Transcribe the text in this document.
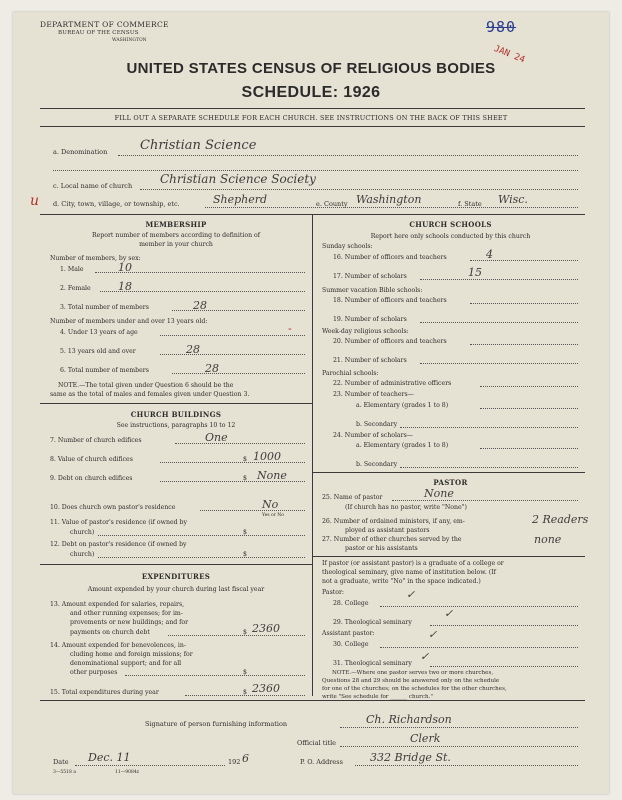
DEPARTMENT OF COMMERCE
BUREAU OF THE CENSUS
WASHINGTON
980
JAN 24
UNITED STATES CENSUS OF RELIGIOUS BODIES
SCHEDULE: 1926
FILL OUT A SEPARATE SCHEDULE FOR EACH CHURCH. SEE INSTRUCTIONS ON THE BACK OF THIS SHEET
a. Denomination	Christian Science
c. Local name of church Christian Science Society
u d. City, town, village, or township, etc.	Shepherd	e. County Washington	f. State Wisc.
MEMBERSHIP
Report number of members according to definition of
member in your church
Number of members, by sex:
1. Male	10
2. Female 18
3. Total number of members	28
Number of members under and over 13 years old:
4. Under 13 years of age	-
5. 13 years old and over	28
6. Total number of members	28
NOTE.—The total given under Question 6 should be the
same as the total of males and females given under Question 3.
CHURCH BUILDINGS
See instructions, paragraphs 10 to 12
7. Number of church edifices	One
8. Value of church edifices	$ 1000
9. Debt on church edifices	$ None
10. Does church own pastor's residence	No
Yes or No
11. Value of pastor's residence (if owned by
church)	$
12. Debt on pastor's residence (if owned by
church)	$
EXPENDITURES
Amount expended by your church during last fiscal year
13. Amount expended for salaries, repairs,
and other running expenses; for im-
provements or new buildings; and for
payments on church debt	$ 2360
14. Amount expended for benevolences, in-
cluding home and foreign missions; for
denominational support; and for all
other purposes	$
15. Total expenditures during year	$ 2360
CHURCH SCHOOLS
Report here only schools conducted by this church
Sunday schools:
16. Number of officers and teachers	4
17. Number of scholars	15
Summer vacation Bible schools:
18. Number of officers and teachers
19. Number of scholars
Week-day religious schools:
20. Number of officers and teachers
21. Number of scholars
Parochial schools:
22. Number of administrative officers
23. Number of teachers—
a. Elementary (grades 1 to 8)
b. Secondary
24. Number of scholars—
a. Elementary (grades 1 to 8)
b. Secondary
PASTOR
25. Name of pastor	None
(If church has no pastor, write "None")
26. Number of ordained ministers, if any, em-
ployed as assistant pastors
2 Readers
27. Number of other churches served by the
pastor or his assistants
none
If pastor (or assistant pastor) is a graduate of a college or
theological seminary, give name of institution below. (If
not a graduate, write "No" in the space indicated.)
Pastor:
28. College
✓
29. Theological seminary
✓
Assistant pastor:
30. College
✓
31. Theological seminary
✓
NOTE.—Where one pastor serves two or more churches,
Questions 28 and 29 should be answered only on the schedule
for one of the churches; on the schedules for the other churches,
write "See schedule for ______ church."
Signature of person furnishing information	Ch. Richardson
Official title	Clerk
Date Dec. 11	192 6	P. O. Address 332 Bridge St.
3—5518 a	11—9084z
